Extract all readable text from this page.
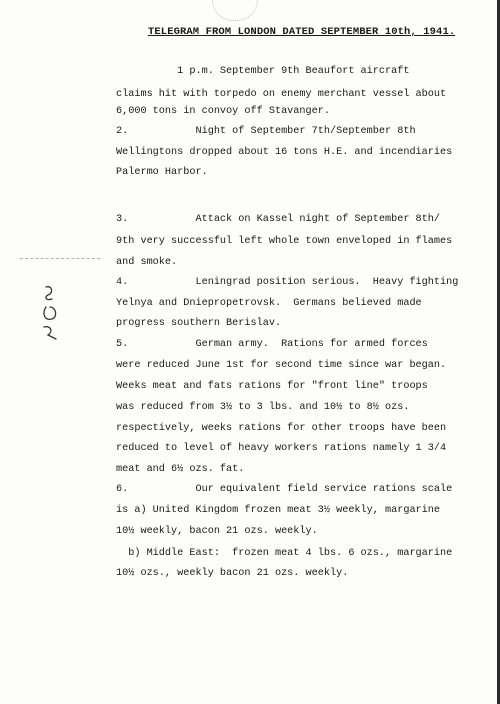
TELEGRAM FROM LONDON DATED SEPTEMBER 10th, 1941.
1 p.m. September 9th Beaufort aircraft
claims hit with torpedo on enemy merchant vessel about
6,000 tons in convoy off Stavanger.
2.           Night of September 7th/September 8th
Wellingtons dropped about 16 tons H.E. and incendiaries
Palermo Harbor.
3.           Attack on Kassel night of September 8th/
9th very successful left whole town enveloped in flames
and smoke.
4.           Leningrad position serious.  Heavy fighting
Yelnya and Dniepropetrovsk.  Germans believed made
progress southern Berislav.
5.           German army.  Rations for armed forces
were reduced June 1st for second time since war began.
Weeks meat and fats rations for "front line" troops
was reduced from 3½ to 3 lbs. and 10½ to 8½ ozs.
respectively, weeks rations for other troops have been
reduced to level of heavy workers rations namely 1 3/4
meat and 6½ ozs. fat.
6.           Our equivalent field service rations scale
is a) United Kingdom frozen meat 3½ weekly, margarine
10½ weekly, bacon 21 ozs. weekly.
b) Middle East:  frozen meat 4 lbs. 6 ozs., margarine
10½ ozs., weekly bacon 21 ozs. weekly.
